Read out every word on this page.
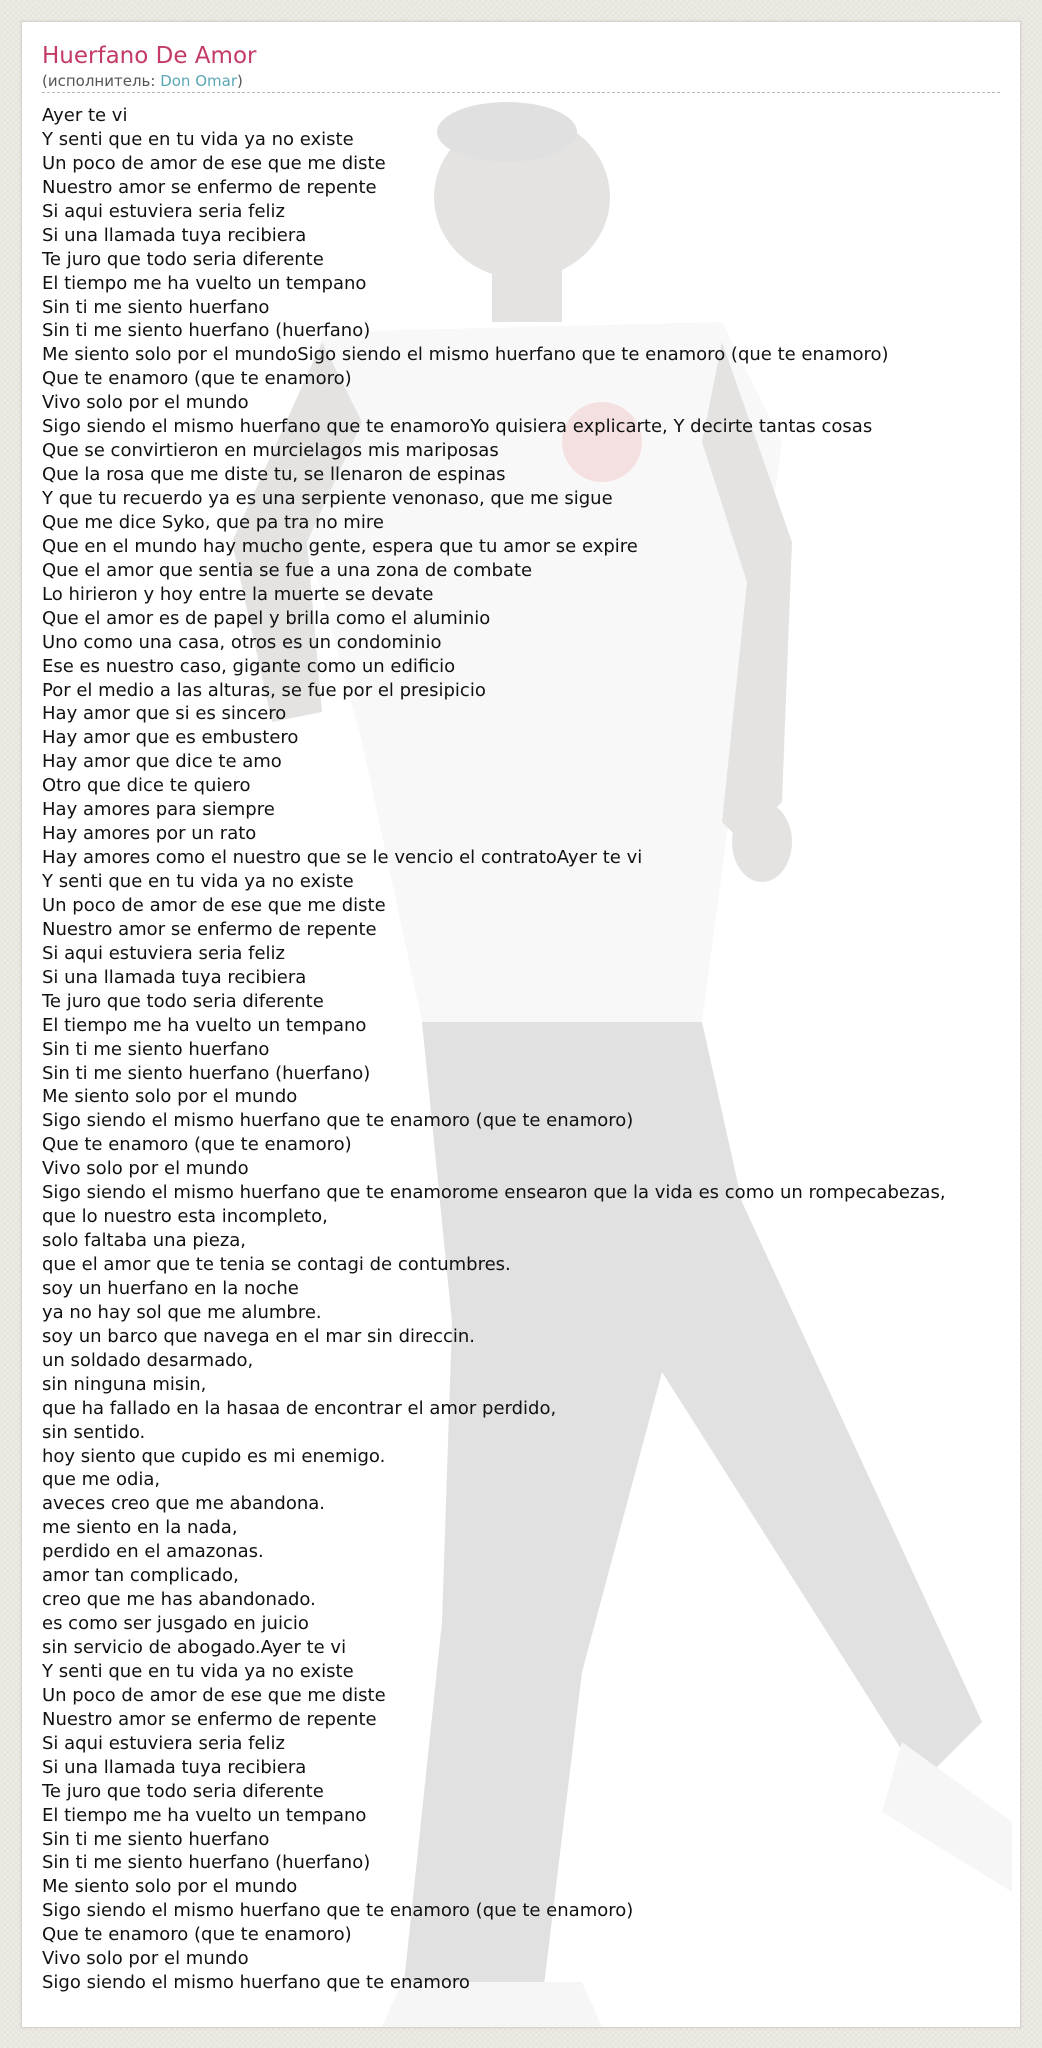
Huerfano De Amor
(исполнитель: Don Omar)
Ayer te vi
Y senti que en tu vida ya no existe
Un poco de amor de ese que me diste
Nuestro amor se enfermo de repente
Si aqui estuviera seria feliz
Si una llamada tuya recibiera
Te juro que todo seria diferente
El tiempo me ha vuelto un tempano
Sin ti me siento huerfano
Sin ti me siento huerfano (huerfano)
Me siento solo por el mundoSigo siendo el mismo huerfano que te enamoro (que te enamoro)
Que te enamoro (que te enamoro)
Vivo solo por el mundo
Sigo siendo el mismo huerfano que te enamoroYo quisiera explicarte, Y decirte tantas cosas
Que se convirtieron en murcielagos mis mariposas
Que la rosa que me diste tu, se llenaron de espinas
Y que tu recuerdo ya es una serpiente venonaso, que me sigue
Que me dice Syko, que pa tra no mire
Que en el mundo hay mucho gente, espera que tu amor se expire
Que el amor que sentia se fue a una zona de combate
Lo hirieron y hoy entre la muerte se devate
Que el amor es de papel y brilla como el aluminio
Uno como una casa, otros es un condominio
Ese es nuestro caso, gigante como un edificio
Por el medio a las alturas, se fue por el presipicio
Hay amor que si es sincero
Hay amor que es embustero
Hay amor que dice te amo
Otro que dice te quiero
Hay amores para siempre
Hay amores por un rato
Hay amores como el nuestro que se le vencio el contratoAyer te vi
Y senti que en tu vida ya no existe
Un poco de amor de ese que me diste
Nuestro amor se enfermo de repente
Si aqui estuviera seria feliz
Si una llamada tuya recibiera
Te juro que todo seria diferente
El tiempo me ha vuelto un tempano
Sin ti me siento huerfano
Sin ti me siento huerfano (huerfano)
Me siento solo por el mundo
Sigo siendo el mismo huerfano que te enamoro (que te enamoro)
Que te enamoro (que te enamoro)
Vivo solo por el mundo
Sigo siendo el mismo huerfano que te enamorome ensearon que la vida es como un rompecabezas,
que lo nuestro esta incompleto,
solo faltaba una pieza,
que el amor que te tenia se contagi de contumbres.
soy un huerfano en la noche
ya no hay sol que me alumbre.
soy un barco que navega en el mar sin direccin.
un soldado desarmado,
sin ninguna misin,
que ha fallado en la hasaa de encontrar el amor perdido,
sin sentido.
hoy siento que cupido es mi enemigo.
que me odia,
aveces creo que me abandona.
me siento en la nada,
perdido en el amazonas.
amor tan complicado,
creo que me has abandonado.
es como ser jusgado en juicio
sin servicio de abogado.Ayer te vi
Y senti que en tu vida ya no existe
Un poco de amor de ese que me diste
Nuestro amor se enfermo de repente
Si aqui estuviera seria feliz
Si una llamada tuya recibiera
Te juro que todo seria diferente
El tiempo me ha vuelto un tempano
Sin ti me siento huerfano
Sin ti me siento huerfano (huerfano)
Me siento solo por el mundo
Sigo siendo el mismo huerfano que te enamoro (que te enamoro)
Que te enamoro (que te enamoro)
Vivo solo por el mundo
Sigo siendo el mismo huerfano que te enamoro
